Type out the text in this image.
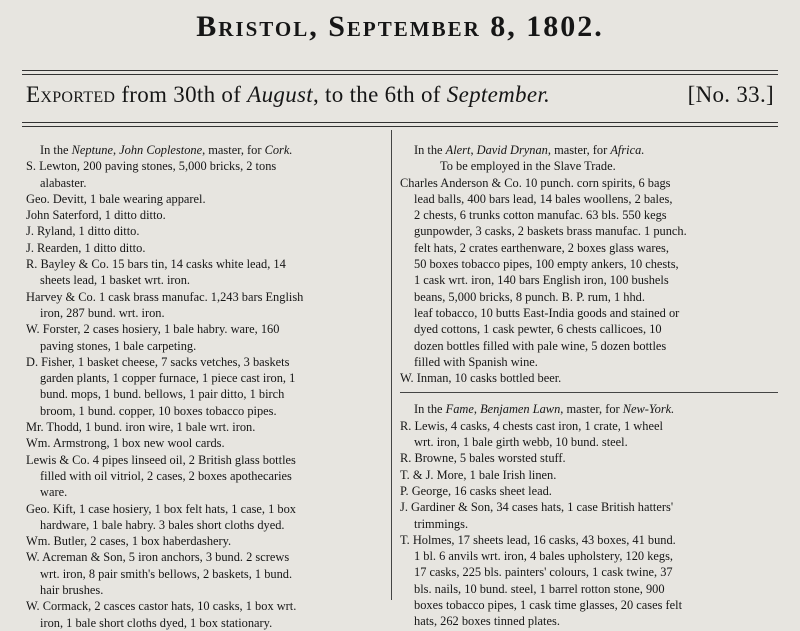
Bristol, September 8, 1802.
Exported from 30th of August, to the 6th of September.	[No. 33.]
In the Neptune, John Coplestone, master, for Cork.
S. Lewton, 200 paving stones, 5,000 bricks, 2 tons
alabaster.
Geo. Devitt, 1 bale wearing apparel.
John Saterford, 1 ditto ditto.
J. Ryland, 1 ditto ditto.
J. Rearden, 1 ditto ditto.
R. Bayley & Co. 15 bars tin, 14 casks white lead, 14
sheets lead, 1 basket wrt. iron.
Harvey & Co. 1 cask brass manufac. 1,243 bars English
iron, 287 bund. wrt. iron.
W. Forster, 2 cases hosiery, 1 bale habry. ware, 160
paving stones, 1 bale carpeting.
D. Fisher, 1 basket cheese, 7 sacks vetches, 3 baskets
garden plants, 1 copper furnace, 1 piece cast iron, 1
bund. mops, 1 bund. bellows, 1 pair ditto, 1 birch
broom, 1 bund. copper, 10 boxes tobacco pipes.
Mr. Thodd, 1 bund. iron wire, 1 bale wrt. iron.
Wm. Armstrong, 1 box new wool cards.
Lewis & Co. 4 pipes linseed oil, 2 British glass bottles
filled with oil vitriol, 2 cases, 2 boxes apothecaries
ware.
Geo. Kift, 1 case hosiery, 1 box felt hats, 1 case, 1 box
hardware, 1 bale habry. 3 bales short cloths dyed.
Wm. Butler, 2 cases, 1 box haberdashery.
W. Acreman & Son, 5 iron anchors, 3 bund. 2 screws
wrt. iron, 8 pair smith's bellows, 2 baskets, 1 bund.
hair brushes.
W. Cormack, 2 casces castor hats, 10 casks, 1 box wrt.
iron, 1 bale short cloths dyed, 1 box stationary.
In the Alert, David Drynan, master, for Africa.
To be employed in the Slave Trade.
Charles Anderson & Co. 10 punch. corn spirits, 6 bags
lead balls, 400 bars lead, 14 bales woollens, 2 bales,
2 chests, 6 trunks cotton manufac. 63 bls. 550 kegs
gunpowder, 3 casks, 2 baskets brass manufac. 1 punch.
felt hats, 2 crates earthenware, 2 boxes glass wares,
50 boxes tobacco pipes, 100 empty ankers, 10 chests,
1 cask wrt. iron, 140 bars English iron, 100 bushels
beans, 5,000 bricks, 8 punch. B. P. rum, 1 hhd.
leaf tobacco, 10 butts East-India goods and stained or
dyed cottons, 1 cask pewter, 6 chests callicoes, 10
dozen bottles filled with pale wine, 5 dozen bottles
filled with Spanish wine.
W. Inman, 10 casks bottled beer.
In the Fame, Benjamen Lawn, master, for New-York.
R. Lewis, 4 casks, 4 chests cast iron, 1 crate, 1 wheel
wrt. iron, 1 bale girth webb, 10 bund. steel.
R. Browne, 5 bales worsted stuff.
T. & J. More, 1 bale Irish linen.
P. George, 16 casks sheet lead.
J. Gardiner & Son, 34 cases hats, 1 case British hatters'
trimmings.
T. Holmes, 17 sheets lead, 16 casks, 43 boxes, 41 bund.
1 bl. 6 anvils wrt. iron, 4 bales upholstery, 120 kegs,
17 casks, 225 bls. painters' colours, 1 cask twine, 37
bls. nails, 10 bund. steel, 1 barrel rotton stone, 900
boxes tobacco pipes, 1 cask time glasses, 20 cases felt
hats, 262 boxes tinned plates.
